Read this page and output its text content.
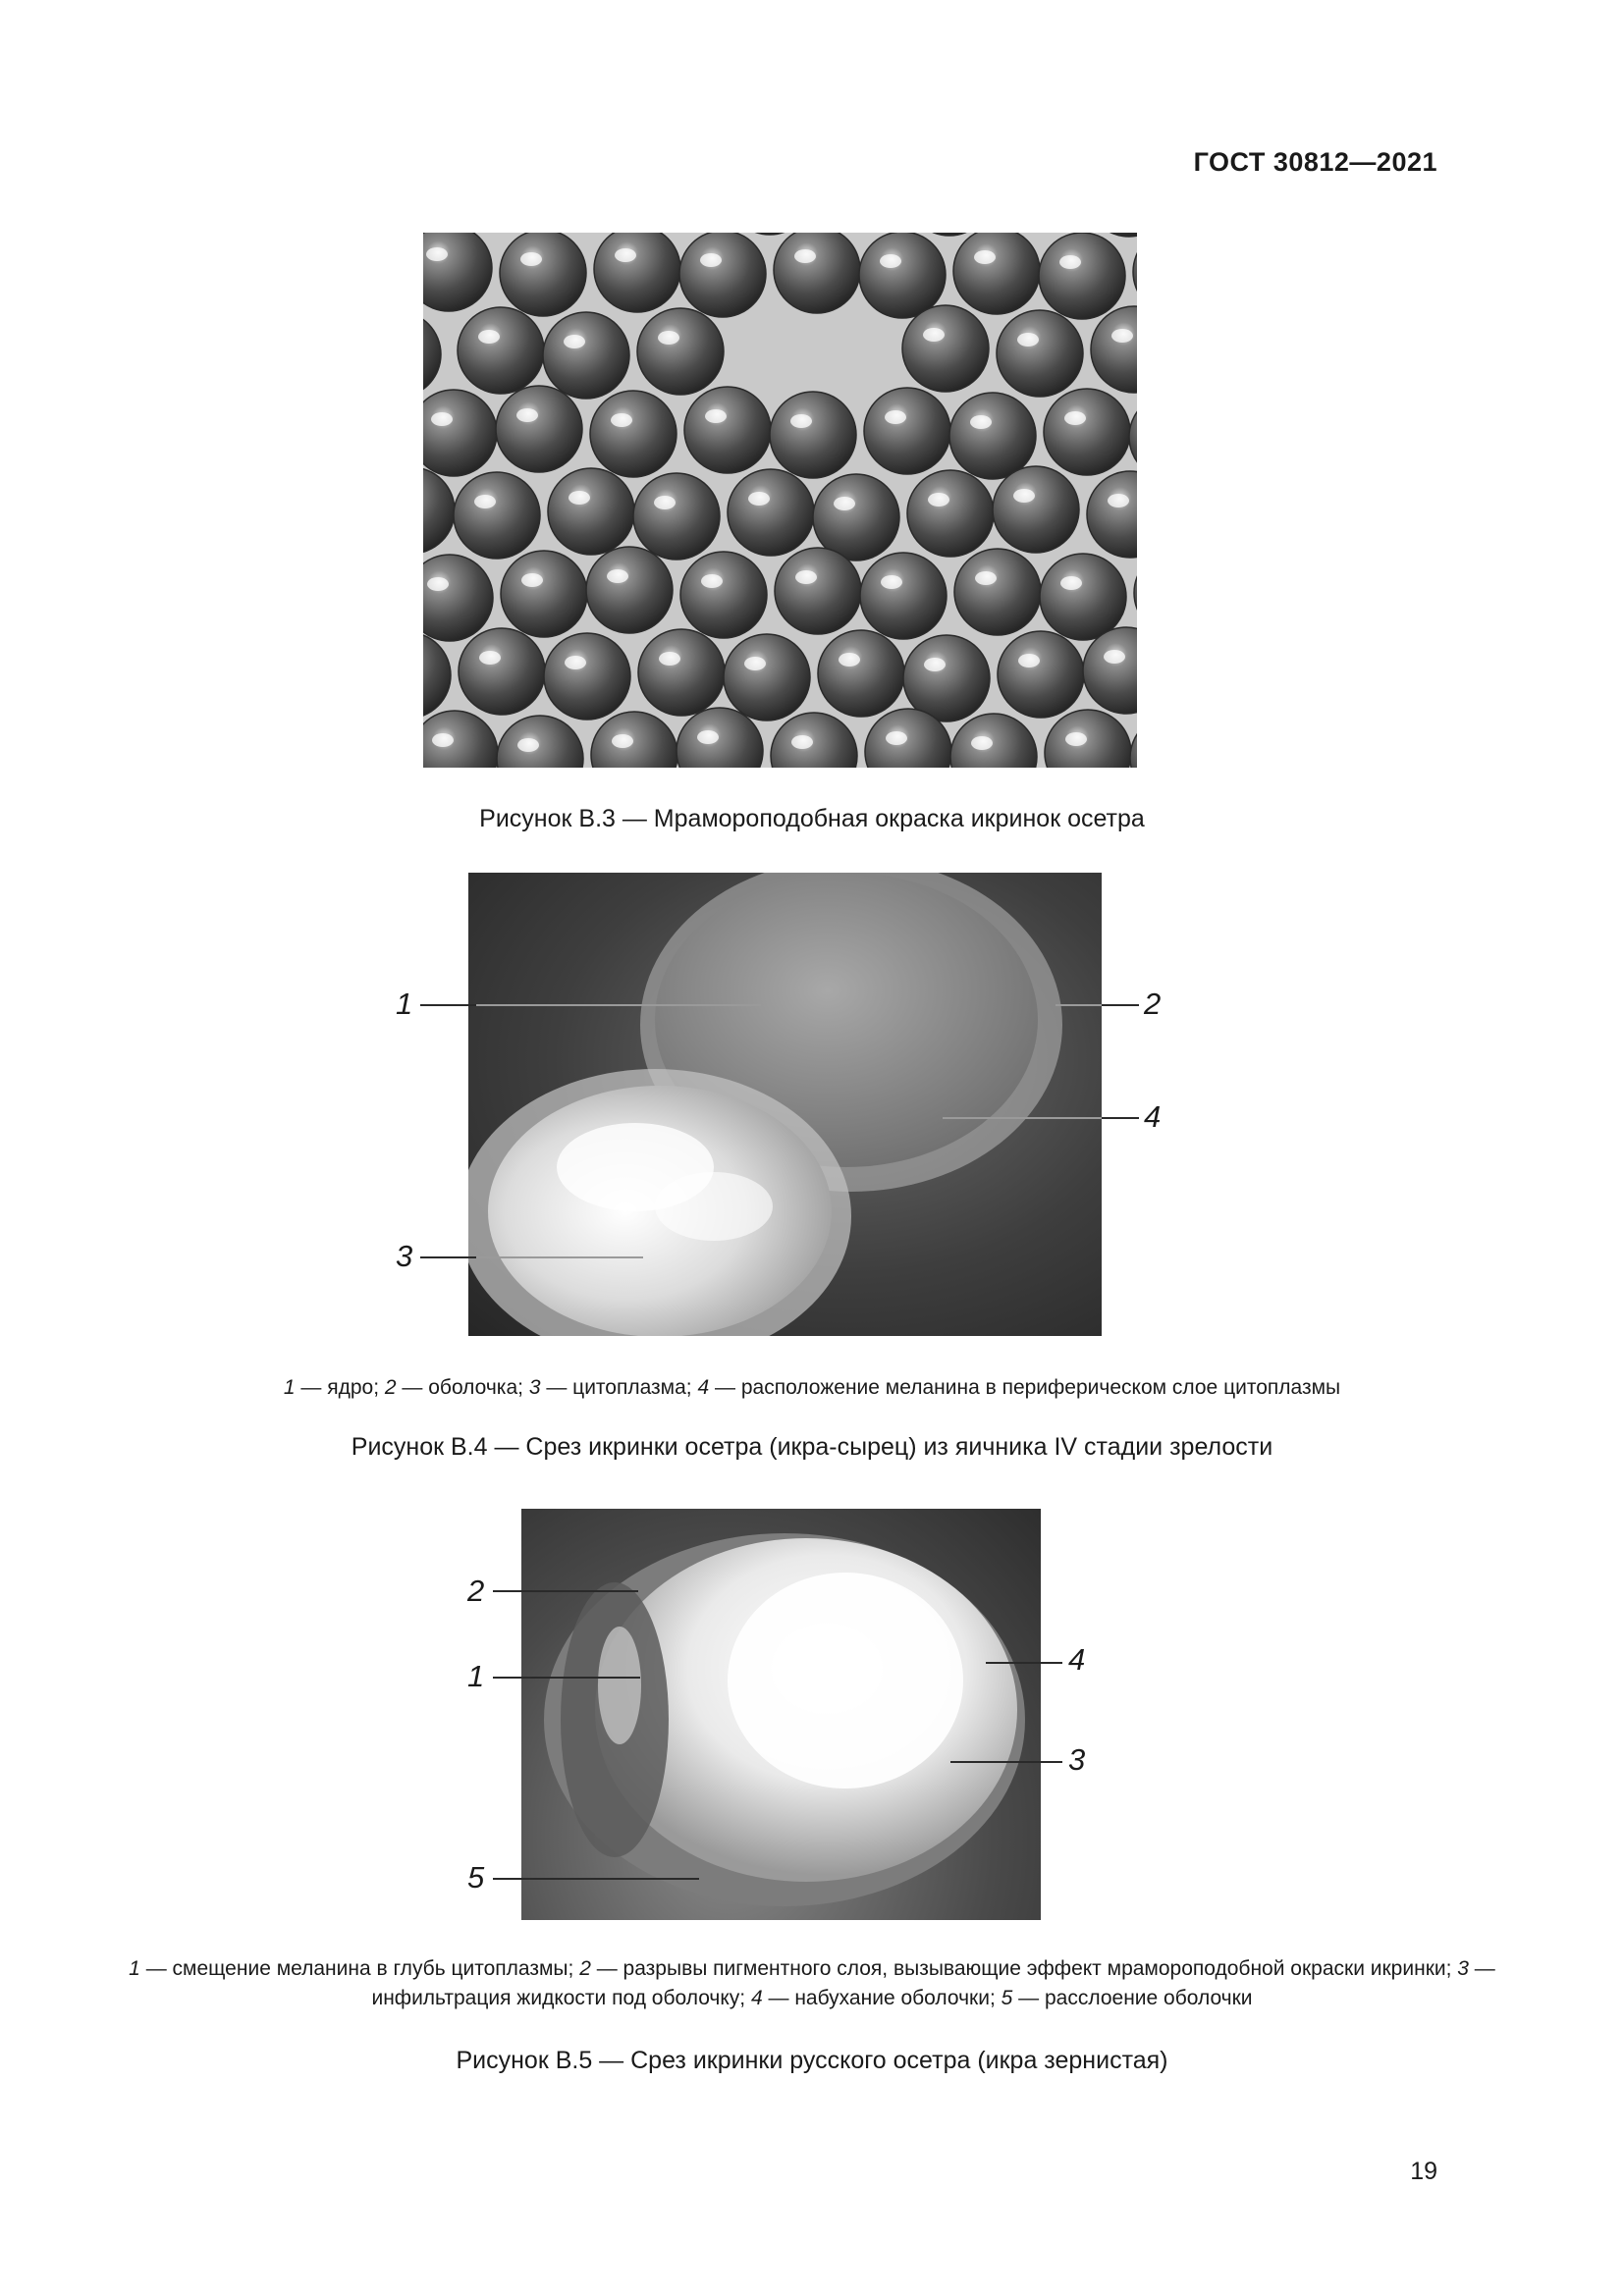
ГОСТ 30812—2021
Рисунок В.3 — Мрамороподобная окраска икринок осетра
1	2
4
3
1 — ядро; 2 — оболочка; 3 — цитоплазма; 4 — расположение меланина в периферическом слое цитоплазмы
Рисунок В.4 — Срез икринки осетра (икра-сырец) из яичника IV стадии зрелости
2
1	4
3
5
1 — смещение меланина в глубь цитоплазмы; 2 — разрывы пигментного слоя, вызывающие эффект мрамороподобной окраски икринки; 3 — инфильтрация жидкости под оболочку; 4 — набухание оболочки; 5 — расслоение оболочки
Рисунок В.5 — Срез икринки русского осетра (икра зернистая)
19
